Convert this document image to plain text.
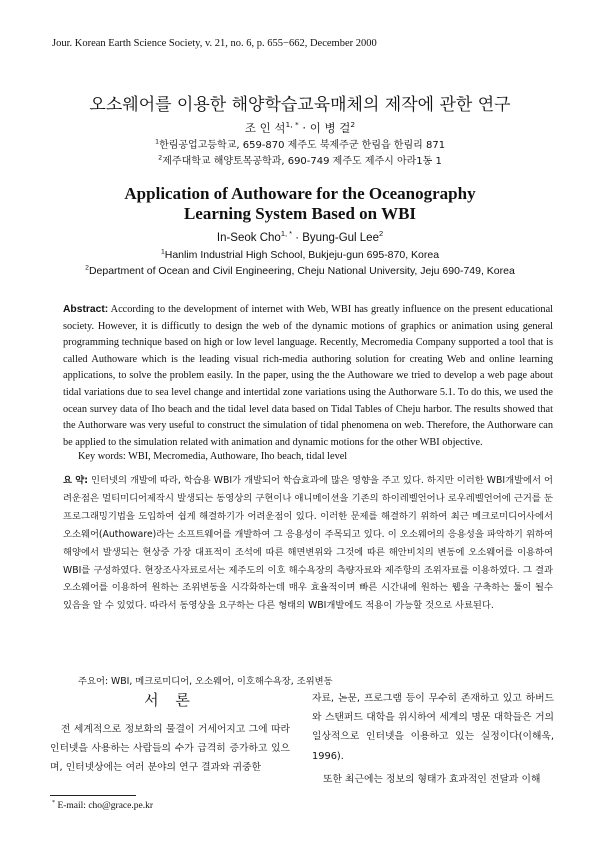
Jour. Korean Earth Science Society, v. 21, no. 6, p. 655−662, December 2000
오소웨어를 이용한 해양학습교육매체의 제작에 관한 연구
조 인 석$^{1, *}$ · 이 병 걸$^2$
$^1$한림공업고등학교, 659-870 제주도 북제주군 한림읍 한림리 871
$^2$제주대학교 해양토목공학과, 690-749 제주도 제주시 아라1동 1
Application of Authoware for the Oceanography
Learning System Based on WBI
In-Seok Cho$^{1, *}$ · Byung-Gul Lee$^2$
$^1$Hanlim Industrial High School, Bukjeju-gun 695-870, Korea
$^2$Department of Ocean and Civil Engineering, Cheju National University, Jeju 690-749, Korea
Abstract: According to the development of internet with Web, WBI has greatly influence on the present educational society. However, it is difficutly to design the web of the dynamic motions of graphics or animation using general programming technique based on high or low level language. Recently, Mecromedia Company supported a tool that is called Authoware which is the leading visual rich-media authoring solution for creating Web and online learning applications, to solve the problem easily. In the paper, using the the Authoware we tried to develop a web page about tidal variations due to sea level change and intertidal zone variations using the Authorware 5.1. To do this, we used the ocean survey data of Iho beach and the tidal level data based on Tidal Tables of Cheju harbor. The results showed that the Authorware was very useful to construct the simulation of tidal phenomena on web. Therefore, the Authorware can be applied to the simulation related with animation and dynamic motions for the other WBI objective.
Key words: WBI, Mecromedia, Authoware, Iho beach, tidal level
요 약: 인터넷의 개발에 따라, 학습용 WBI가 개발되어 학습효과에 많은 영향을 주고 있다. 하지만 이러한 WBI개발에서 어려운점은 멀티미디어제작시 발생되는 동영상의 구현이나 애니메이션을 기존의 하이레벨언어나 로우레벨언어에 근거를 둔 프로그래밍기법을 도입하여 쉽게 해결하기가 어려운점이 있다. 이러한 문제를 해결하기 위하여 최근 메크로미디어사에서 오소웨어(Authoware)라는 소프트웨어를 개발하여 그 응용성이 주목되고 있다. 이 오소웨어의 응용성을 파악하기 위하여 해양에서 발생되는 현상중 가장 대표적이 조석에 따른 해면변위와 그것에 따른 해안비치의 변동에 오소웨어를 이용하여 WBI를 구성하였다. 현장조사자료로서는 제주도의 이호 해수욕장의 측량자료와 제주항의 조위자료를 이용하였다. 그 결과 오소웨어를 이용하여 원하는 조위변동을 시각화하는데 매우 효율적이며 빠른 시간내에 원하는 웹을 구축하는 툴이 될수 있음을 알 수 있었다. 따라서 동영상을 요구하는 다른 형태의 WBI개발에도 적용이 가능할 것으로 사료된다.
주요어: WBI, 메크로미디어, 오소웨어, 이호해수욕장, 조위변동
서 론
전 세계적으로 정보화의 물결이 거세어지고 그에 따라 인터넷을 사용하는 사람들의 수가 급격히 증가하고 있으며, 인터넷상에는 여러 분야의 연구 결과와 귀중한

자료, 논문, 프로그램 등이 무수히 존재하고 있고 하버드와 스탠퍼드 대학을 위시하여 세계의 명문 대학들은 거의 일상적으로 인터넷을 이용하고 있는 실정이다(이해욱, 1996).

또한 최근에는 정보의 형태가 효과적인 전달과 이해

* E-mail: cho@grace.pe.kr
